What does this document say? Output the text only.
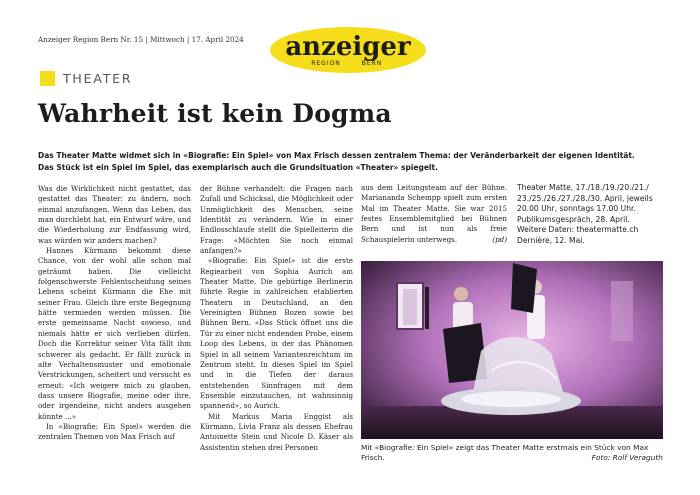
Anzeiger Region Bern Nr. 15 | Mittwoch | 17. April 2024 anzeiger
REGION	BERN
THEATER
Wahrheit ist kein Dogma
Das Theater Matte widmet sich in «Biografie: Ein Spiel» von Max Frisch dessen zentralem Thema: der Veränderbarkeit der eigenen Identität.
Das Stück ist ein Spiel im Spiel, das exemplarisch auch die Grundsituation «Theater» spiegelt.

Was die Wirklichkeit nicht gestattet, das gestattet das Theater: zu ändern, noch einmal anzufangen. Wenn das Leben, das man durchlebt hat, ein Entwurf wäre, und die Wiederholung zur Endfassung wird, was würden wir anders machen?

Hannes Kürmann bekommt diese Chance, von der wohl alle schon mal geträumt haben. Die vielleicht folgenschwerste Fehlentscheidung seines Lebens scheint Kürmann die Ehe mit seiner Frau. Gleich ihre erste Begegnung hätte vermieden werden müssen. Die erste gemeinsame Nacht sowieso, und niemals hätte er sich verlieben dürfen. Doch die Korrektur seiner Vita fällt ihm schwerer als gedacht. Er fällt zurück in alte Verhaltensmuster und emotionale Verstrickungen, scheitert und versucht es erneut: «Ich weigere mich zu glauben, dass unsere Biografie, meine oder ihre, oder irgendeine, nicht anders ausgehen könnte ...»

In «Biografie: Ein Spiel» werden die zentralen Themen von Max Frisch auf

der Bühne verhandelt: die Fragen nach Zufall und Schicksal, die Möglichkeit oder Unmöglichkeit des Menschen, seine Identität zu verändern. Wie in einer Endlosschlaufe stellt die Spielleiterin die Frage: «Möchten Sie noch einmal anfangen?»

«Biografie: Ein Spiel» ist die erste Regiearbeit von Sophia Aurich am Theater Matte. Die gebürtige Berlinerin führte Regie in zahlreichen etablierten Theatern in Deutschland, an den Vereinigten Bühnen Bozen sowie bei Bühnen Bern. «Das Stück öffnet uns die Tür zu einer nicht endenden Probe, einem Loop des Lebens, in der das Phänomen Spiel in all seinem Variantenreichtum im Zentrum steht. In dieses Spiel im Spiel und in die Tiefen der daraus entstehenden Sinnfragen mit dem Ensemble einzutauchen, ist wahnsinnig spannend», so Aurich.

Mit Markus Maria Enggist als Kürmann, Livia Franz als dessen Ehefrau Antoinette Stein und Nicole D. Käser als Assistentin stehen drei Personen

aus dem Leitungsteam auf der Bühne. Mariananda Schempp spielt zum ersten Mal im Theater Matte. Sie war 2015 festes Ensemblemitglied bei Bühnen Bern und ist nun als freie Schauspielerin unterwegs.	(pd)

Theater Matte, 17./18./19./20./21./
23./25./26./27./28./30. April, jeweils
20.00 Uhr, sonntags 17.00 Uhr.
Publikumsgespräch, 28. April.
Weitere Daten: theatermatte.ch
Dernière, 12. Mai.
Mit «Biografie: Ein Spiel» zeigt das Theater Matte erstmals ein Stück von Max Frisch.	Foto: Rolf Veraguth
